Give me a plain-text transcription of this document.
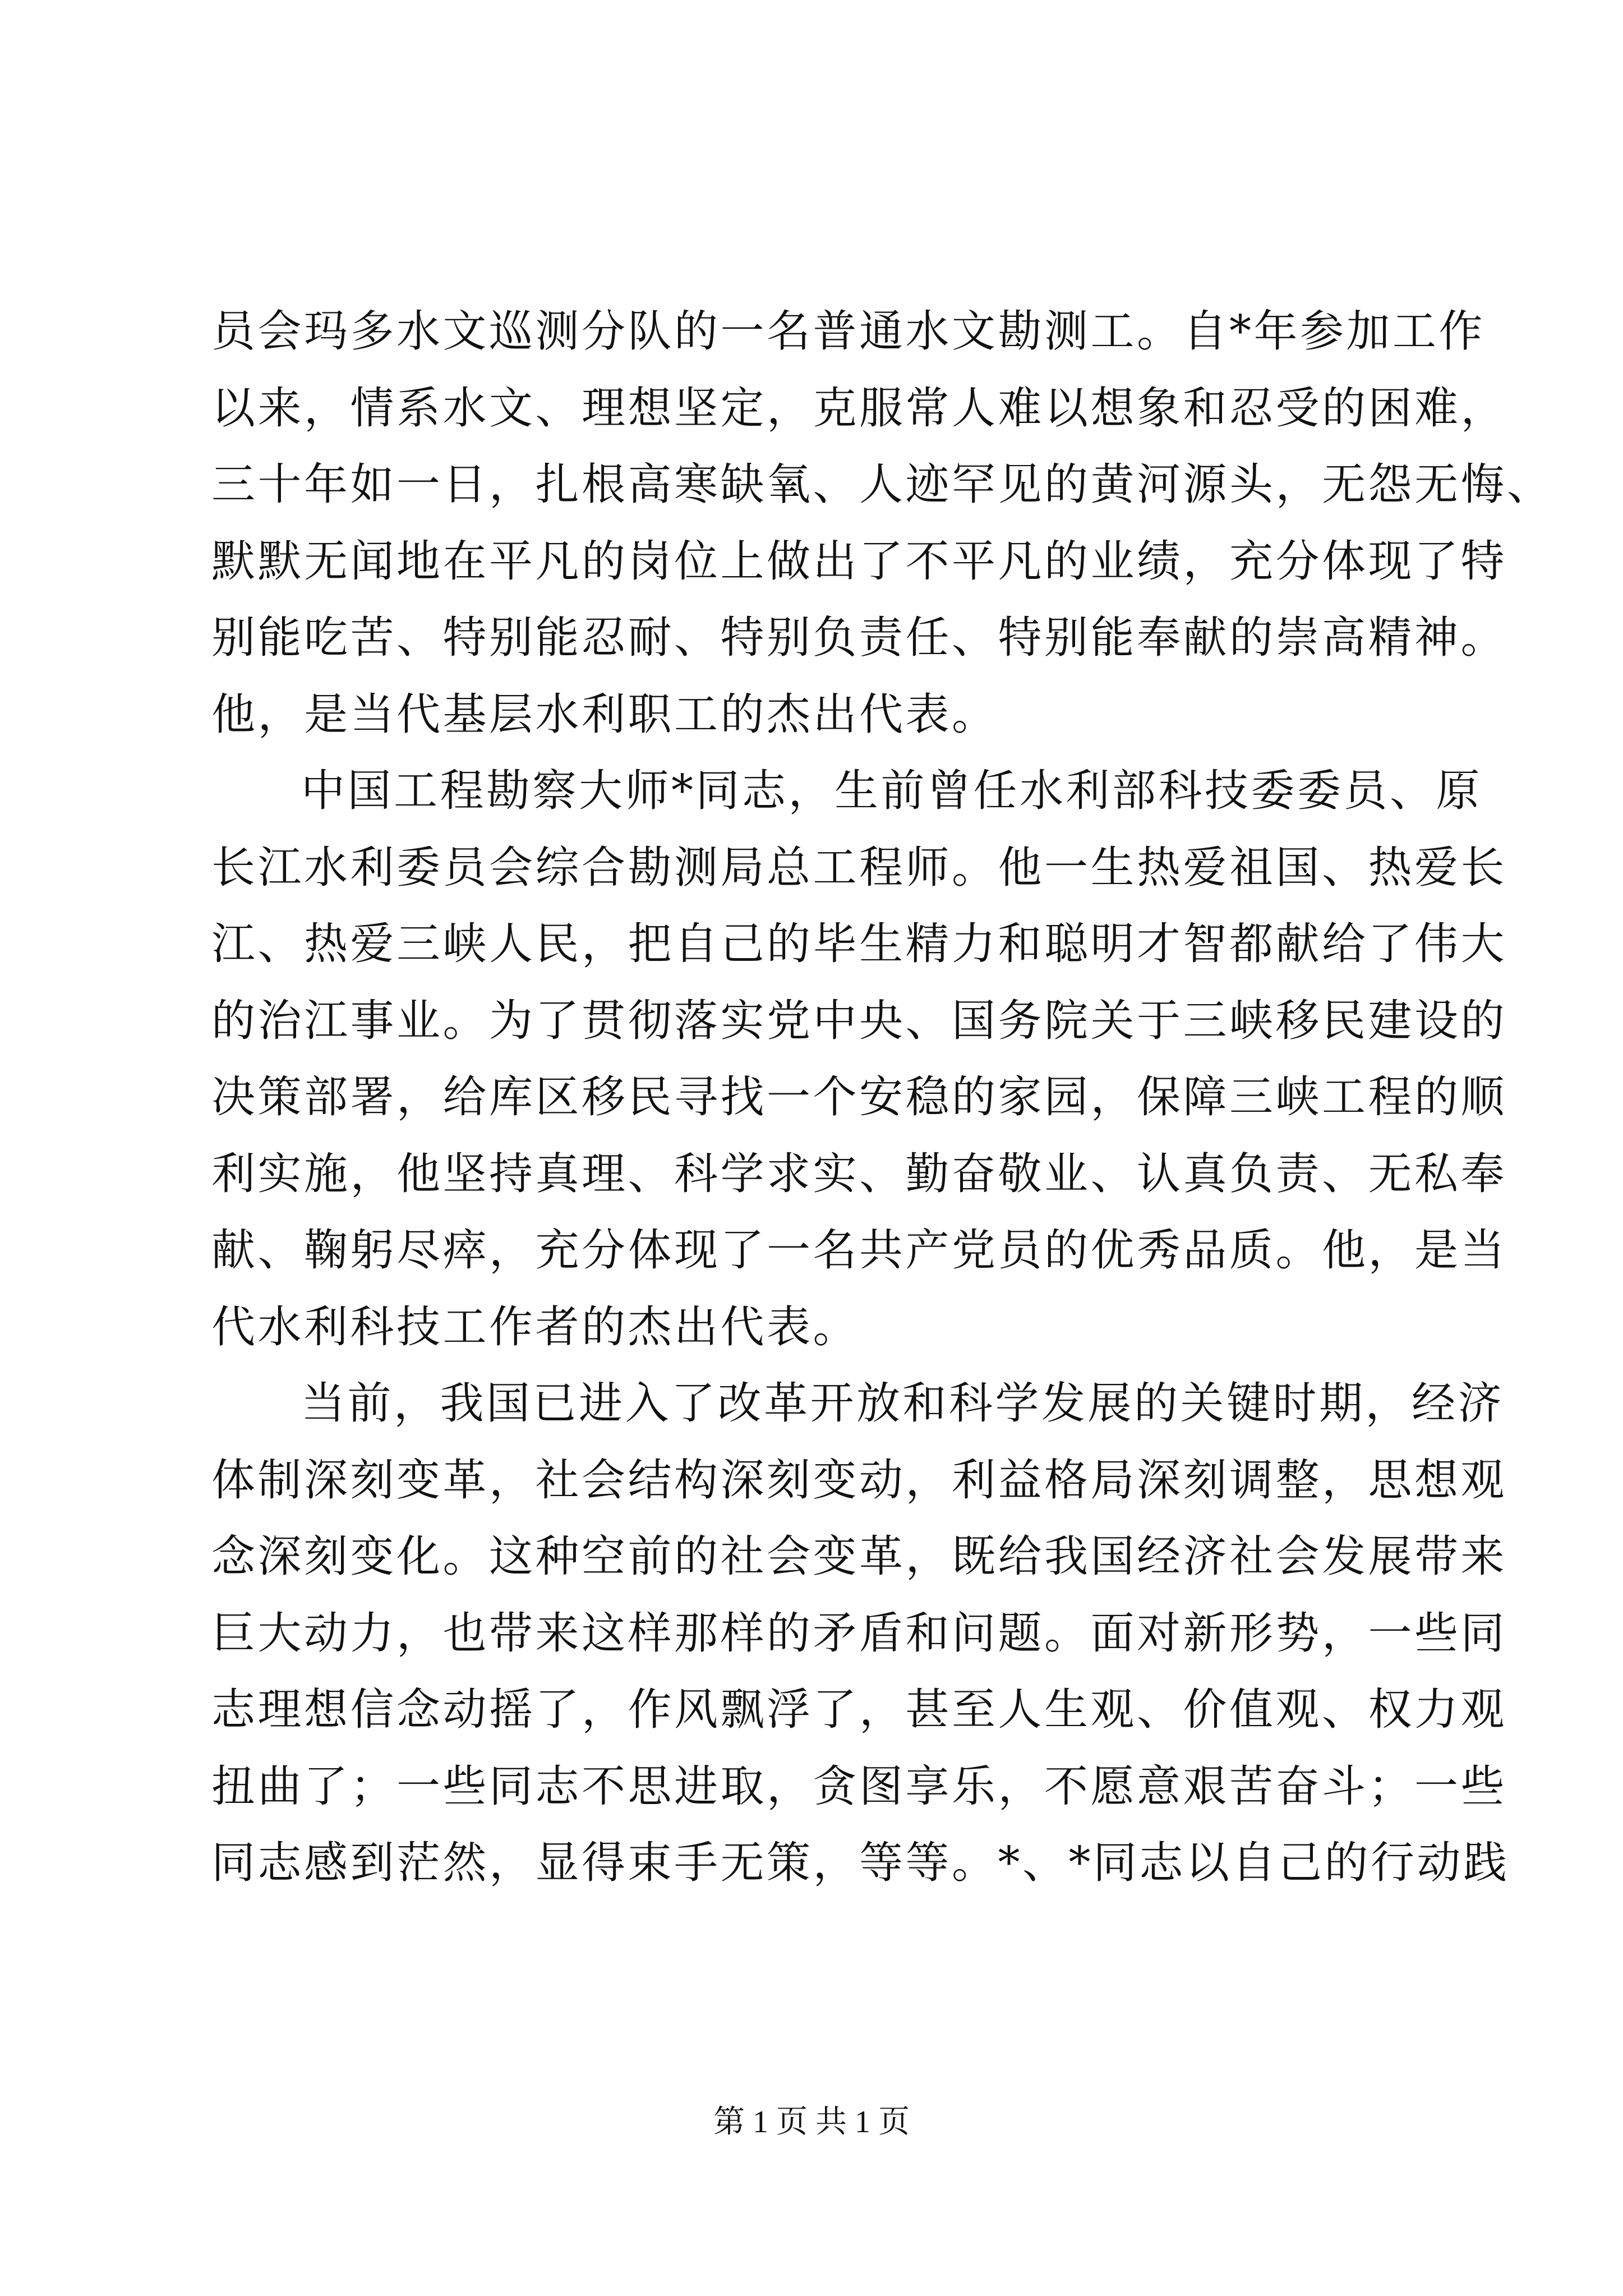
员会玛多水文巡测分队的一名普通水文勘测工。自*年参加工作
以来，情系水文、理想坚定，克服常人难以想象和忍受的困难，
三十年如一日，扎根高寒缺氧、人迹罕见的黄河源头，无怨无悔、
默默无闻地在平凡的岗位上做出了不平凡的业绩，充分体现了特
别能吃苦、特别能忍耐、特别负责任、特别能奉献的崇高精神。
他，是当代基层水利职工的杰出代表。
中国工程勘察大师*同志，生前曾任水利部科技委委员、原
长江水利委员会综合勘测局总工程师。他一生热爱祖国、热爱长
江、热爱三峡人民，把自己的毕生精力和聪明才智都献给了伟大
的治江事业。为了贯彻落实党中央、国务院关于三峡移民建设的
决策部署，给库区移民寻找一个安稳的家园，保障三峡工程的顺
利实施，他坚持真理、科学求实、勤奋敬业、认真负责、无私奉
献、鞠躬尽瘁，充分体现了一名共产党员的优秀品质。他，是当
代水利科技工作者的杰出代表。
当前，我国已进入了改革开放和科学发展的关键时期，经济
体制深刻变革，社会结构深刻变动，利益格局深刻调整，思想观
念深刻变化。这种空前的社会变革，既给我国经济社会发展带来
巨大动力，也带来这样那样的矛盾和问题。面对新形势，一些同
志理想信念动摇了，作风飘浮了，甚至人生观、价值观、权力观
扭曲了；一些同志不思进取，贪图享乐，不愿意艰苦奋斗；一些
同志感到茫然，显得束手无策，等等。*、*同志以自己的行动践
第 1 页 共 1 页
